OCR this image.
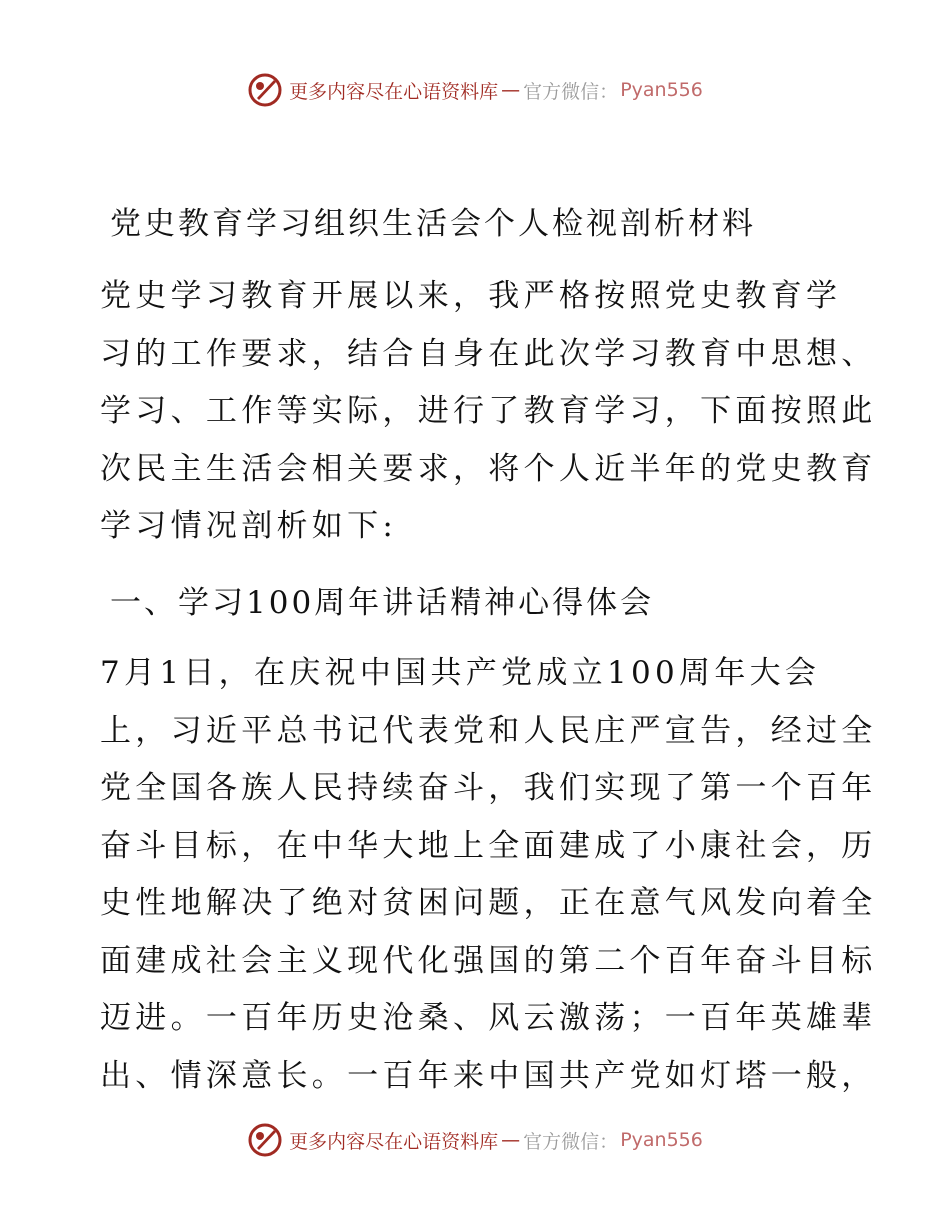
更多内容尽在心语资料库 — 官方微信： Pyan556
党史教育学习组织生活会个人检视剖析材料
党史学习教育开展以来，我严格按照党史教育学
习的工作要求，结合自身在此次学习教育中思想、
学习、工作等实际，进行了教育学习，下面按照此
次民主生活会相关要求，将个人近半年的党史教育
学习情况剖析如下:
一、学习100周年讲话精神心得体会
7月1日，在庆祝中国共产党成立100周年大会
上，习近平总书记代表党和人民庄严宣告，经过全
党全国各族人民持续奋斗，我们实现了第一个百年
奋斗目标，在中华大地上全面建成了小康社会，历
史性地解决了绝对贫困问题，正在意气风发向着全
面建成社会主义现代化强国的第二个百年奋斗目标
迈进。一百年历史沧桑、风云激荡；一百年英雄辈
出、情深意长。一百年来中国共产党如灯塔一般，
更多内容尽在心语资料库 — 官方微信： Pyan556
